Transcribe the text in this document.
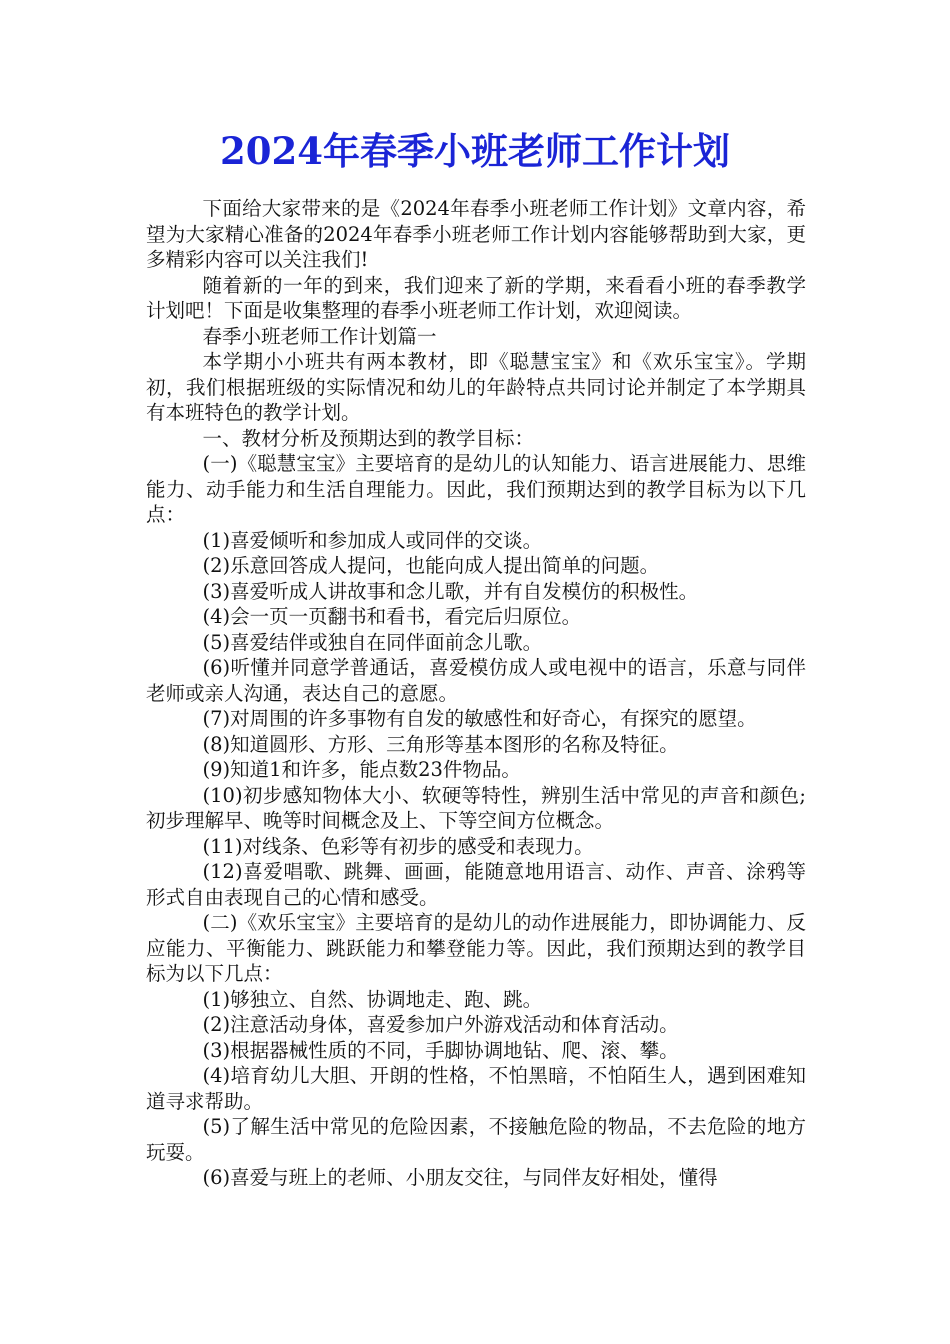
2024年春季小班老师工作计划

下面给大家带来的是《2024年春季小班老师工作计划》文章内容，希望为大家精心准备的2024年春季小班老师工作计划内容能够帮助到大家，更多精彩内容可以关注我们!

随着新的一年的到来，我们迎来了新的学期，来看看小班的春季教学计划吧！下面是收集整理的春季小班老师工作计划，欢迎阅读。

春季小班老师工作计划篇一

本学期小小班共有两本教材，即《聪慧宝宝》和《欢乐宝宝》。学期初，我们根据班级的实际情况和幼儿的年龄特点共同讨论并制定了本学期具有本班特色的教学计划。

一、教材分析及预期达到的教学目标：

(一)《聪慧宝宝》主要培育的是幼儿的认知能力、语言进展能力、思维能力、动手能力和生活自理能力。因此，我们预期达到的教学目标为以下几点：

(1)喜爱倾听和参加成人或同伴的交谈。

(2)乐意回答成人提问，也能向成人提出简单的问题。

(3)喜爱听成人讲故事和念儿歌，并有自发模仿的积极性。

(4)会一页一页翻书和看书，看完后归原位。

(5)喜爱结伴或独自在同伴面前念儿歌。

(6)听懂并同意学普通话，喜爱模仿成人或电视中的语言，乐意与同伴老师或亲人沟通，表达自己的意愿。

(7)对周围的许多事物有自发的敏感性和好奇心，有探究的愿望。

(8)知道圆形、方形、三角形等基本图形的名称及特征。

(9)知道1和许多，能点数23件物品。

(10)初步感知物体大小、软硬等特性，辨别生活中常见的声音和颜色;初步理解早、晚等时间概念及上、下等空间方位概念。

(11)对线条、色彩等有初步的感受和表现力。

(12)喜爱唱歌、跳舞、画画，能随意地用语言、动作、声音、涂鸦等形式自由表现自己的心情和感受。

(二)《欢乐宝宝》主要培育的是幼儿的动作进展能力，即协调能力、反应能力、平衡能力、跳跃能力和攀登能力等。因此，我们预期达到的教学目标为以下几点：

(1)够独立、自然、协调地走、跑、跳。

(2)注意活动身体，喜爱参加户外游戏活动和体育活动。

(3)根据器械性质的不同，手脚协调地钻、爬、滚、攀。

(4)培育幼儿大胆、开朗的性格，不怕黑暗，不怕陌生人，遇到困难知道寻求帮助。

(5)了解生活中常见的危险因素，不接触危险的物品，不去危险的地方玩耍。

(6)喜爱与班上的老师、小朋友交往，与同伴友好相处，懂得
